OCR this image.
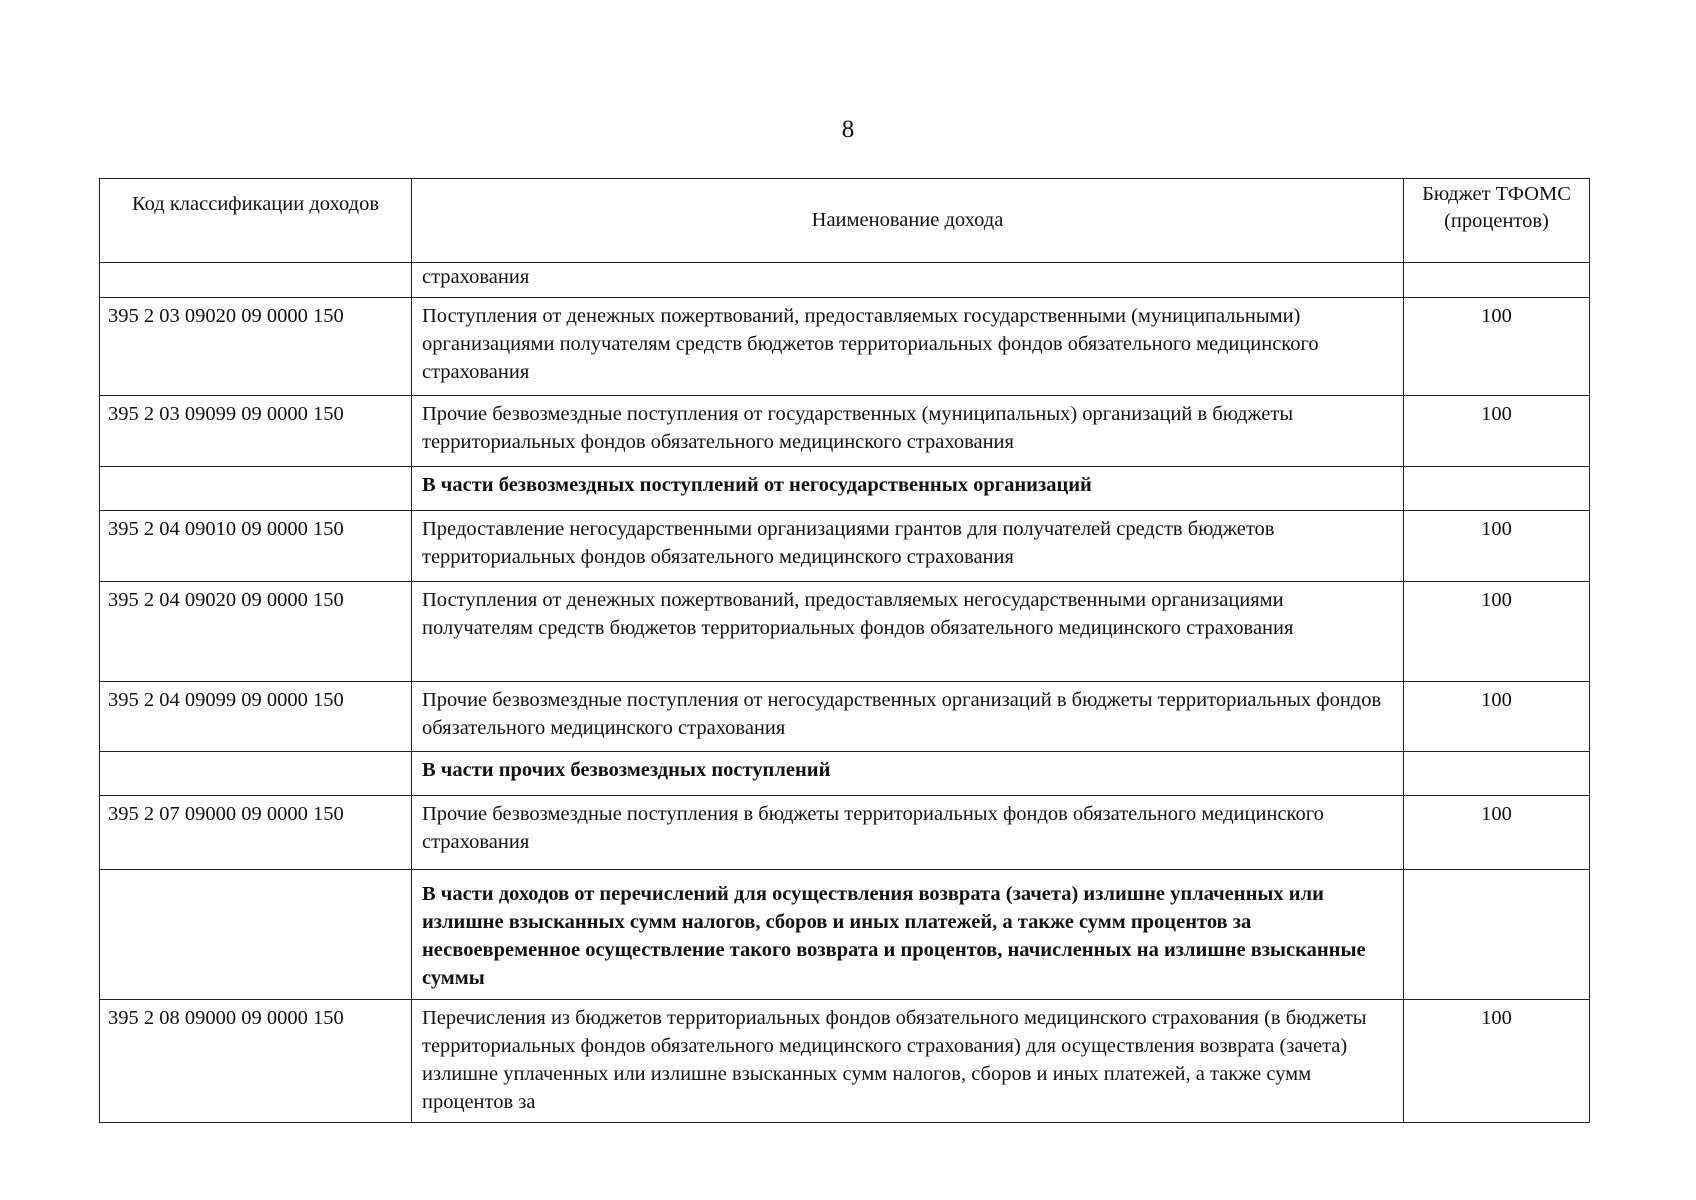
8
Код классификации доходов	Наименование дохода	Бюджет ТФОМС (процентов)
	страхования	
395 2 03 09020 09 0000 150	Поступления от денежных пожертвований, предоставляемых государственными (муниципальными) организациями получателям средств бюджетов территориальных фондов обязательного медицинского страхования	100
395 2 03 09099 09 0000 150	Прочие безвозмездные поступления от государственных (муниципальных) организаций в бюджеты территориальных фондов обязательного медицинского страхования	100
	В части безвозмездных поступлений от негосударственных организаций	
395 2 04 09010 09 0000 150	Предоставление негосударственными организациями грантов для получателей средств бюджетов территориальных фондов обязательного медицинского страхования	100
395 2 04 09020 09 0000 150	Поступления от денежных пожертвований, предоставляемых негосударственными организациями получателям средств бюджетов территориальных фондов обязательного медицинского страхования	100
395 2 04 09099 09 0000 150	Прочие безвозмездные поступления от негосударственных организаций в бюджеты территориальных фондов обязательного медицинского страхования	100
	В части прочих безвозмездных поступлений	
395 2 07 09000 09 0000 150	Прочие безвозмездные поступления в бюджеты территориальных фондов обязательного медицинского страхования	100
	В части доходов от перечислений для осуществления возврата (зачета) излишне уплаченных или излишне взысканных сумм налогов, сборов и иных платежей, а также сумм процентов за несвоевременное осуществление такого возврата и процентов, начисленных на излишне взысканные суммы	
395 2 08 09000 09 0000 150	Перечисления из бюджетов территориальных фондов обязательного медицинского страхования (в бюджеты территориальных фондов обязательного медицинского страхования) для осуществления возврата (зачета) излишне уплаченных или излишне взысканных сумм налогов, сборов и иных платежей, а также сумм процентов за	100
